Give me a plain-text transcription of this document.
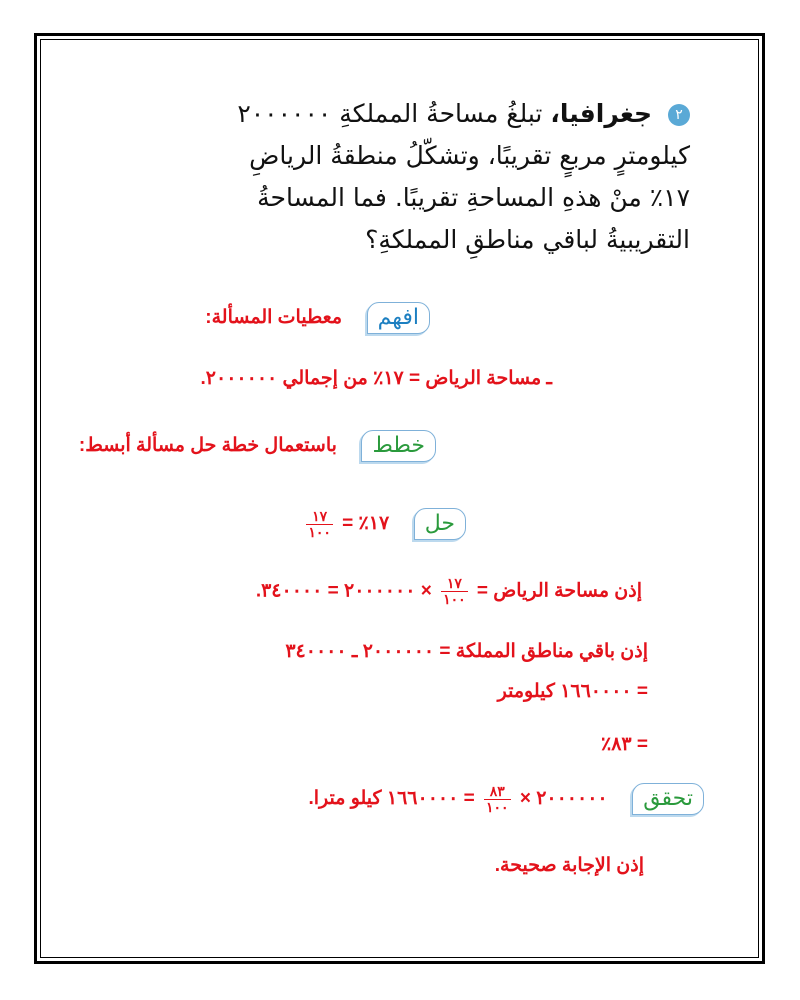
٢ جغرافيا، تبلغُ مساحةُ المملكةِ ٢٠٠٠٠٠٠
كيلومترٍ مربعٍ تقريبًا، وتشكّلُ منطقةُ الرياضِ
١٧٪ منْ هذهِ المساحةِ تقريبًا. فما المساحةُ
التقريبيةُ لباقي مناطقِ المملكةِ؟
افهم  معطيات المسألة:
ـ مساحة الرياض = ١٧٪ من إجمالي ٢٠٠٠٠٠٠.
خطط  باستعمال خطة حل مسألة أبسط:
حل  ١٧٪ =
$\frac{١٧}{١٠٠}$
إذن مساحة الرياض =
$\frac{١٧}{١٠٠}$
× ٢٠٠٠٠٠٠ = ٣٤٠٠٠٠.
إذن باقي مناطق المملكة = ٢٠٠٠٠٠٠ ـ ٣٤٠٠٠٠
= ١٦٦٠٠٠٠ كيلومتر
= ٨٣٪
تحقق  ٢٠٠٠٠٠٠ ×
$\frac{٨٣}{١٠٠}$
= ١٦٦٠٠٠٠ كيلو مترا.
إذن الإجابة صحيحة.
